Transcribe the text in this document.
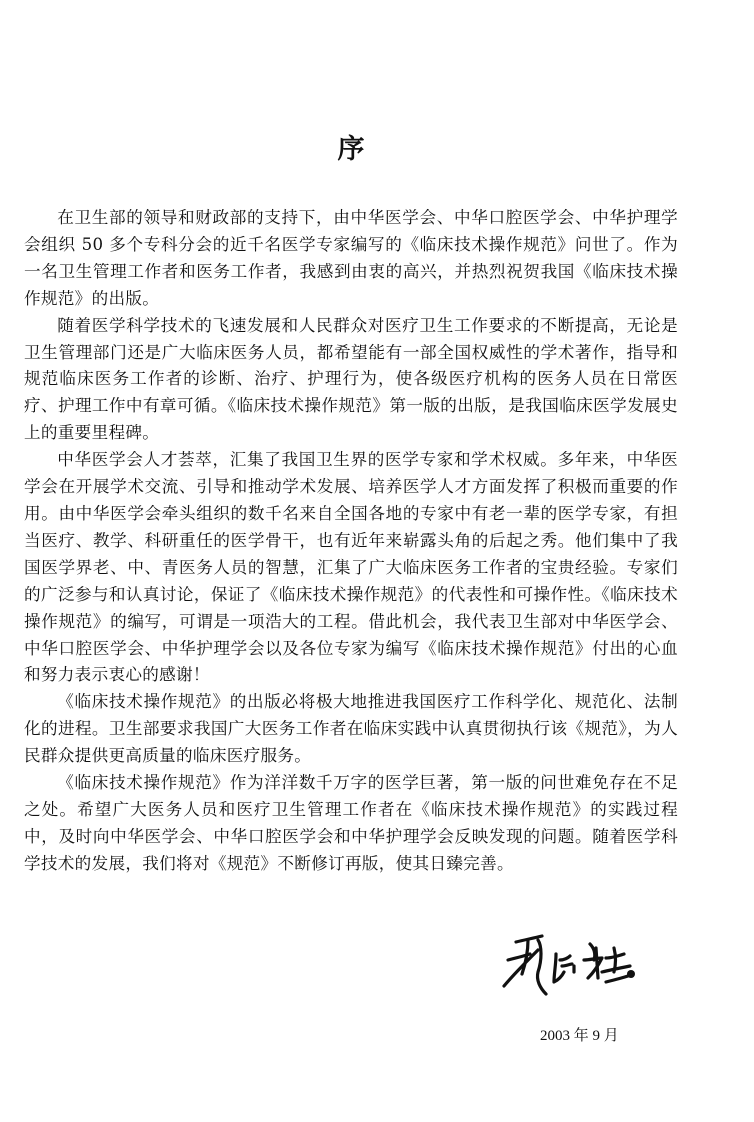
序

在卫生部的领导和财政部的支持下，由中华医学会、中华口腔医学会、中华护理学会组织 50 多个专科分会的近千名医学专家编写的《临床技术操作规范》问世了。作为一名卫生管理工作者和医务工作者，我感到由衷的高兴，并热烈祝贺我国《临床技术操作规范》的出版。

随着医学科学技术的飞速发展和人民群众对医疗卫生工作要求的不断提高，无论是卫生管理部门还是广大临床医务人员，都希望能有一部全国权威性的学术著作，指导和规范临床医务工作者的诊断、治疗、护理行为，使各级医疗机构的医务人员在日常医疗、护理工作中有章可循。《临床技术操作规范》第一版的出版，是我国临床医学发展史上的重要里程碑。

中华医学会人才荟萃，汇集了我国卫生界的医学专家和学术权威。多年来，中华医学会在开展学术交流、引导和推动学术发展、培养医学人才方面发挥了积极而重要的作用。由中华医学会牵头组织的数千名来自全国各地的专家中有老一辈的医学专家，有担当医疗、教学、科研重任的医学骨干，也有近年来崭露头角的后起之秀。他们集中了我国医学界老、中、青医务人员的智慧，汇集了广大临床医务工作者的宝贵经验。专家们的广泛参与和认真讨论，保证了《临床技术操作规范》的代表性和可操作性。《临床技术操作规范》的编写，可谓是一项浩大的工程。借此机会，我代表卫生部对中华医学会、中华口腔医学会、中华护理学会以及各位专家为编写《临床技术操作规范》付出的心血和努力表示衷心的感谢！

《临床技术操作规范》的出版必将极大地推进我国医疗工作科学化、规范化、法制化的进程。卫生部要求我国广大医务工作者在临床实践中认真贯彻执行该《规范》，为人民群众提供更高质量的临床医疗服务。

《临床技术操作规范》作为洋洋数千万字的医学巨著，第一版的问世难免存在不足之处。希望广大医务人员和医疗卫生管理工作者在《临床技术操作规范》的实践过程中，及时向中华医学会、中华口腔医学会和中华护理学会反映发现的问题。随着医学科学技术的发展，我们将对《规范》不断修订再版，使其日臻完善。

2003 年 9 月
